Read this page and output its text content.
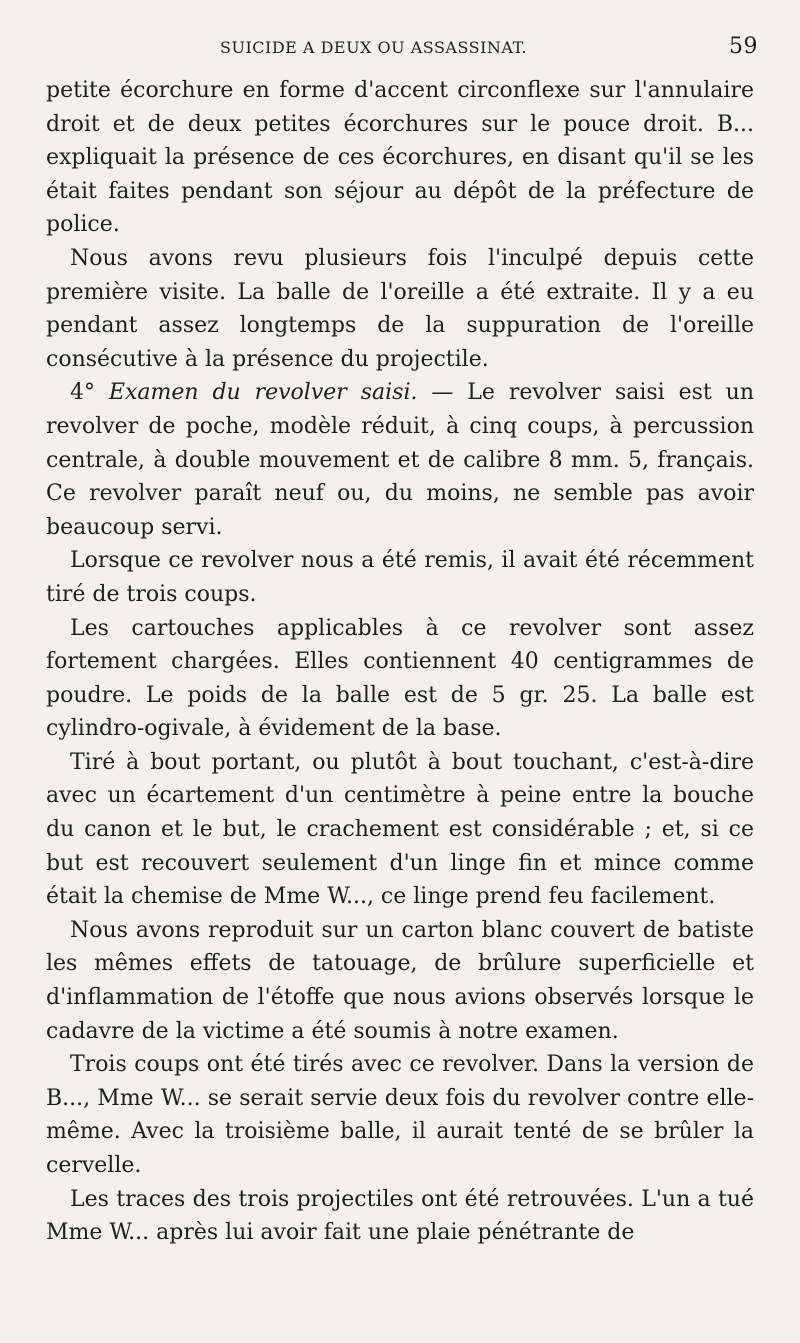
SUICIDE A DEUX OU ASSASSINAT.	59

petite écorchure en forme d'accent circonflexe sur l'annulaire droit et de deux petites écorchures sur le pouce droit. B... expliquait la présence de ces écorchures, en disant qu'il se les était faites pendant son séjour au dépôt de la préfecture de police.

Nous avons revu plusieurs fois l'inculpé depuis cette première visite. La balle de l'oreille a été extraite. Il y a eu pendant assez longtemps de la suppuration de l'oreille consécutive à la présence du projectile.

4° Examen du revolver saisi. — Le revolver saisi est un revolver de poche, modèle réduit, à cinq coups, à percussion centrale, à double mouvement et de calibre 8 mm. 5, français. Ce revolver paraît neuf ou, du moins, ne semble pas avoir beaucoup servi.

Lorsque ce revolver nous a été remis, il avait été récemment tiré de trois coups.

Les cartouches applicables à ce revolver sont assez fortement chargées. Elles contiennent 40 centigrammes de poudre. Le poids de la balle est de 5 gr. 25. La balle est cylindro-ogivale, à évidement de la base.

Tiré à bout portant, ou plutôt à bout touchant, c'est-à-dire avec un écartement d'un centimètre à peine entre la bouche du canon et le but, le crachement est considérable ; et, si ce but est recouvert seulement d'un linge fin et mince comme était la chemise de Mme W..., ce linge prend feu facilement.

Nous avons reproduit sur un carton blanc couvert de batiste les mêmes effets de tatouage, de brûlure superficielle et d'inflammation de l'étoffe que nous avions observés lorsque le cadavre de la victime a été soumis à notre examen.

Trois coups ont été tirés avec ce revolver. Dans la version de B..., Mme W... se serait servie deux fois du revolver contre elle-même. Avec la troisième balle, il aurait tenté de se brûler la cervelle.

Les traces des trois projectiles ont été retrouvées. L'un a tué Mme W... après lui avoir fait une plaie pénétrante de
